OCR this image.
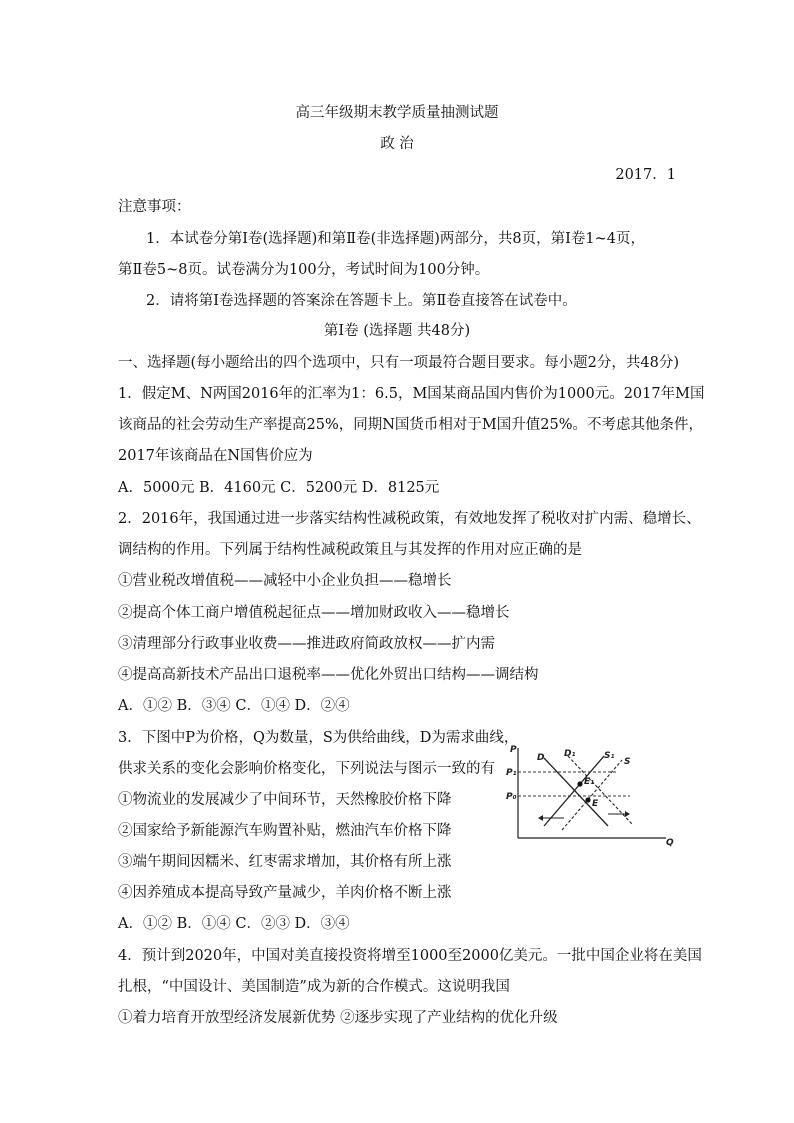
高三年级期末教学质量抽测试题
政 治
2017．1
注意事项：
1．本试卷分第Ⅰ卷(选择题)和第Ⅱ卷(非选择题)两部分，共8页，第Ⅰ卷1~4页，
第Ⅱ卷5~8页。试卷满分为100分，考试时间为100分钟。
2．请将第Ⅰ卷选择题的答案涂在答题卡上。第Ⅱ卷直接答在试卷中。
第Ⅰ卷 (选择题 共48分)
一、选择题(每小题给出的四个选项中，只有一项最符合题目要求。每小题2分，共48分)
1．假定M、N两国2016年的汇率为1：6.5，M国某商品国内售价为1000元。2017年M国
该商品的社会劳动生产率提高25%，同期N国货币相对于M国升值25%。不考虑其他条件，
2017年该商品在N国售价应为
A．5000元 B．4160元 C．5200元 D．8125元
2．2016年，我国通过进一步落实结构性减税政策，有效地发挥了税收对扩内需、稳增长、
调结构的作用。下列属于结构性减税政策且与其发挥的作用对应正确的是
①营业税改增值税——减轻中小企业负担——稳增长
②提高个体工商户增值税起征点——增加财政收入——稳增长
③清理部分行政事业收费——推进政府简政放权——扩内需
④提高高新技术产品出口退税率——优化外贸出口结构——调结构
A．①② B．③④ C．①④ D．②④
3．下图中P为价格，Q为数量，S为供给曲线，D为需求曲线，
供求关系的变化会影响价格变化，下列说法与图示一致的有
①物流业的发展减少了中间环节，天然橡胶价格下降
②国家给予新能源汽车购置补贴，燃油汽车价格下降
③端午期间因糯米、红枣需求增加，其价格有所上涨
④因养殖成本提高导致产量减少，羊肉价格不断上涨
A．①② B．①④ C．②③ D．③④
P
Q
D D₁	S₁
S
P₁
P₀
E₁
E
4．预计到2020年，中国对美直接投资将增至1000至2000亿美元。一批中国企业将在美国
扎根，“中国设计、美国制造”成为新的合作模式。这说明我国
①着力培育开放型经济发展新优势 ②逐步实现了产业结构的优化升级
